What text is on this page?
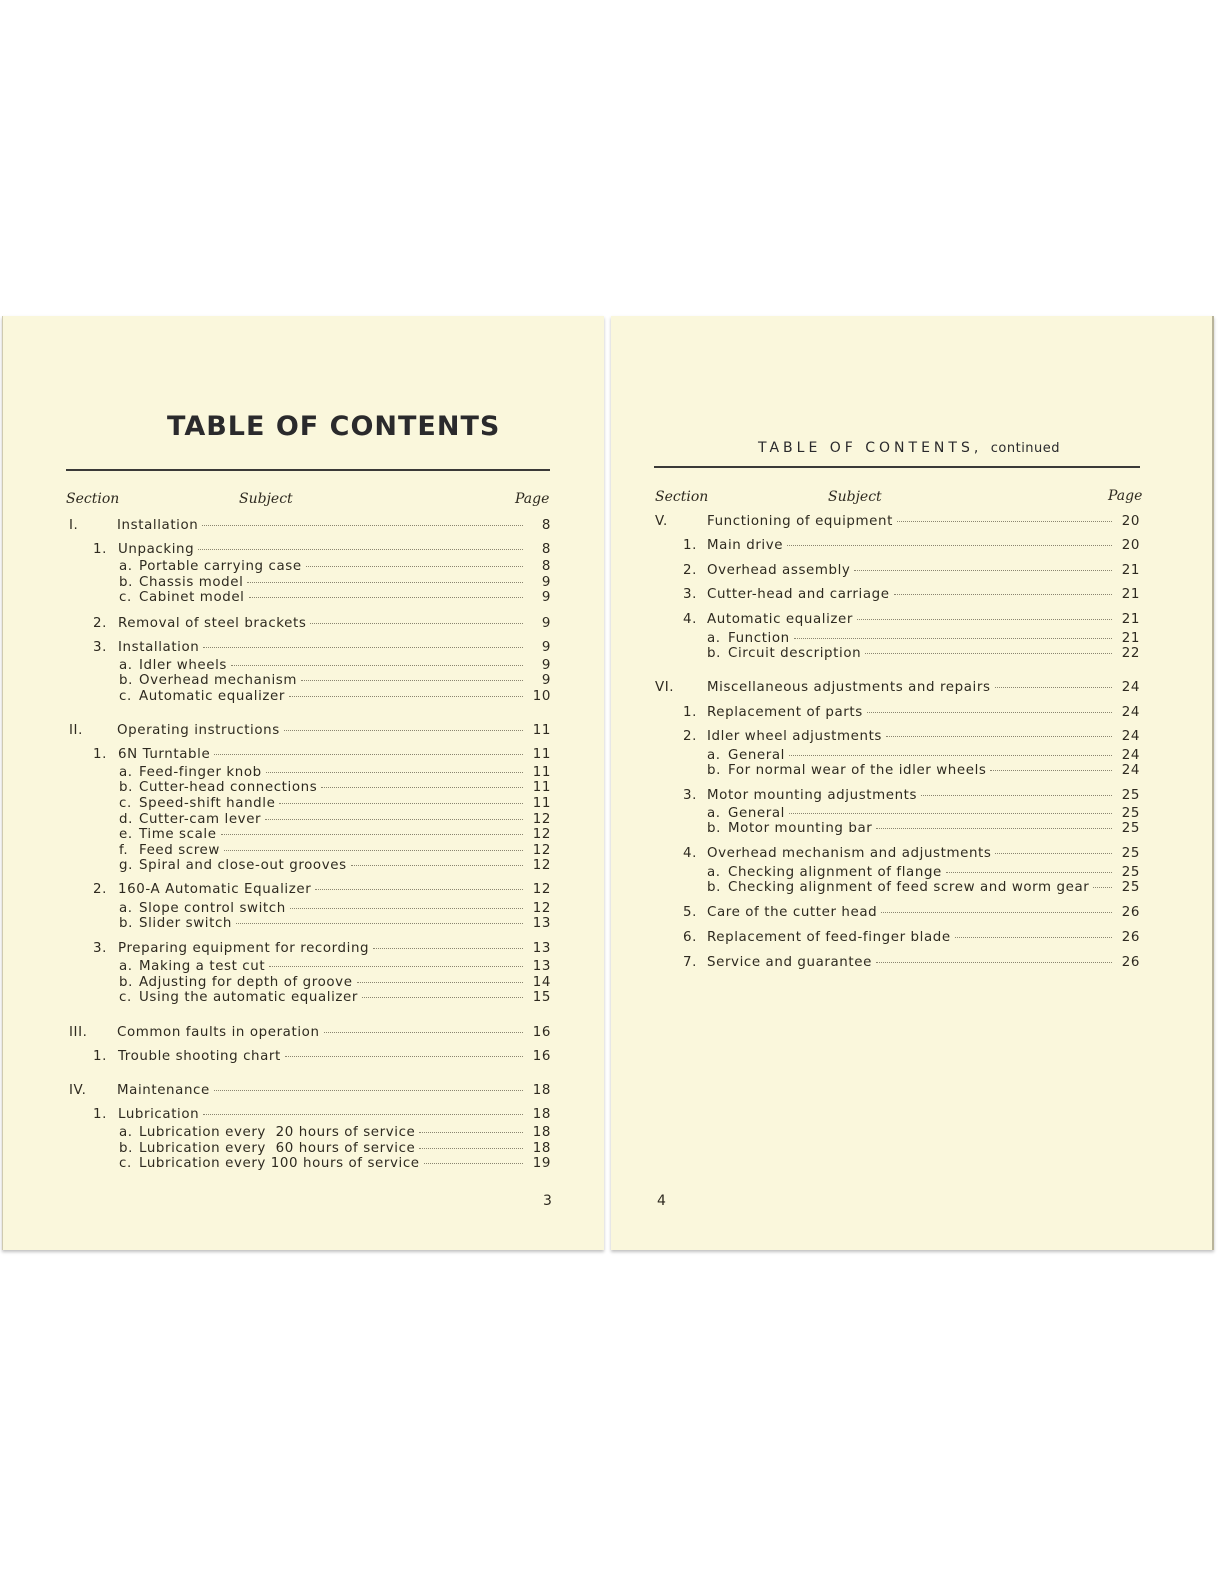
TABLE OF CONTENTS
Section	Subject	Page
I.	Installation	8
1. Unpacking	8
a. Portable carrying case	8
b. Chassis model	9
c. Cabinet model	9
2. Removal of steel brackets	9
3. Installation	9
a. Idler wheels	9
b. Overhead mechanism	9
c. Automatic equalizer	10
II.	Operating instructions	11
1. 6N Turntable	11
a. Feed-finger knob	11
b. Cutter-head connections	11
c. Speed-shift handle	11
d. Cutter-cam lever	12
e. Time scale	12
f. Feed screw	12
g. Spiral and close-out grooves	12
2. 160-A Automatic Equalizer	12
a. Slope control switch	12
b. Slider switch	13
3. Preparing equipment for recording	13
a. Making a test cut	13
b. Adjusting for depth of groove	14
c. Using the automatic equalizer	15
III.	Common faults in operation	16
1. Trouble shooting chart	16
IV.	Maintenance	18
1. Lubrication	18
a. Lubrication every  20 hours of service	18
b. Lubrication every  60 hours of service	18
c. Lubrication every 100 hours of service	19
3

TABLE OF CONTENTS, continued

Section	Subject	Page
V.	Functioning of equipment	20
1. Main drive	20
2. Overhead assembly	21
3. Cutter-head and carriage	21
4. Automatic equalizer	21
a. Function	21
b. Circuit description	22
VI.	Miscellaneous adjustments and repairs	24
1. Replacement of parts	24
2. Idler wheel adjustments	24
a. General	24
b. For normal wear of the idler wheels	24
3. Motor mounting adjustments	25
a. General	25
b. Motor mounting bar	25
4. Overhead mechanism and adjustments	25
a. Checking alignment of flange	25
b. Checking alignment of feed screw and worm gear	25
5. Care of the cutter head	26
6. Replacement of feed-finger blade	26
7. Service and guarantee	26
4
